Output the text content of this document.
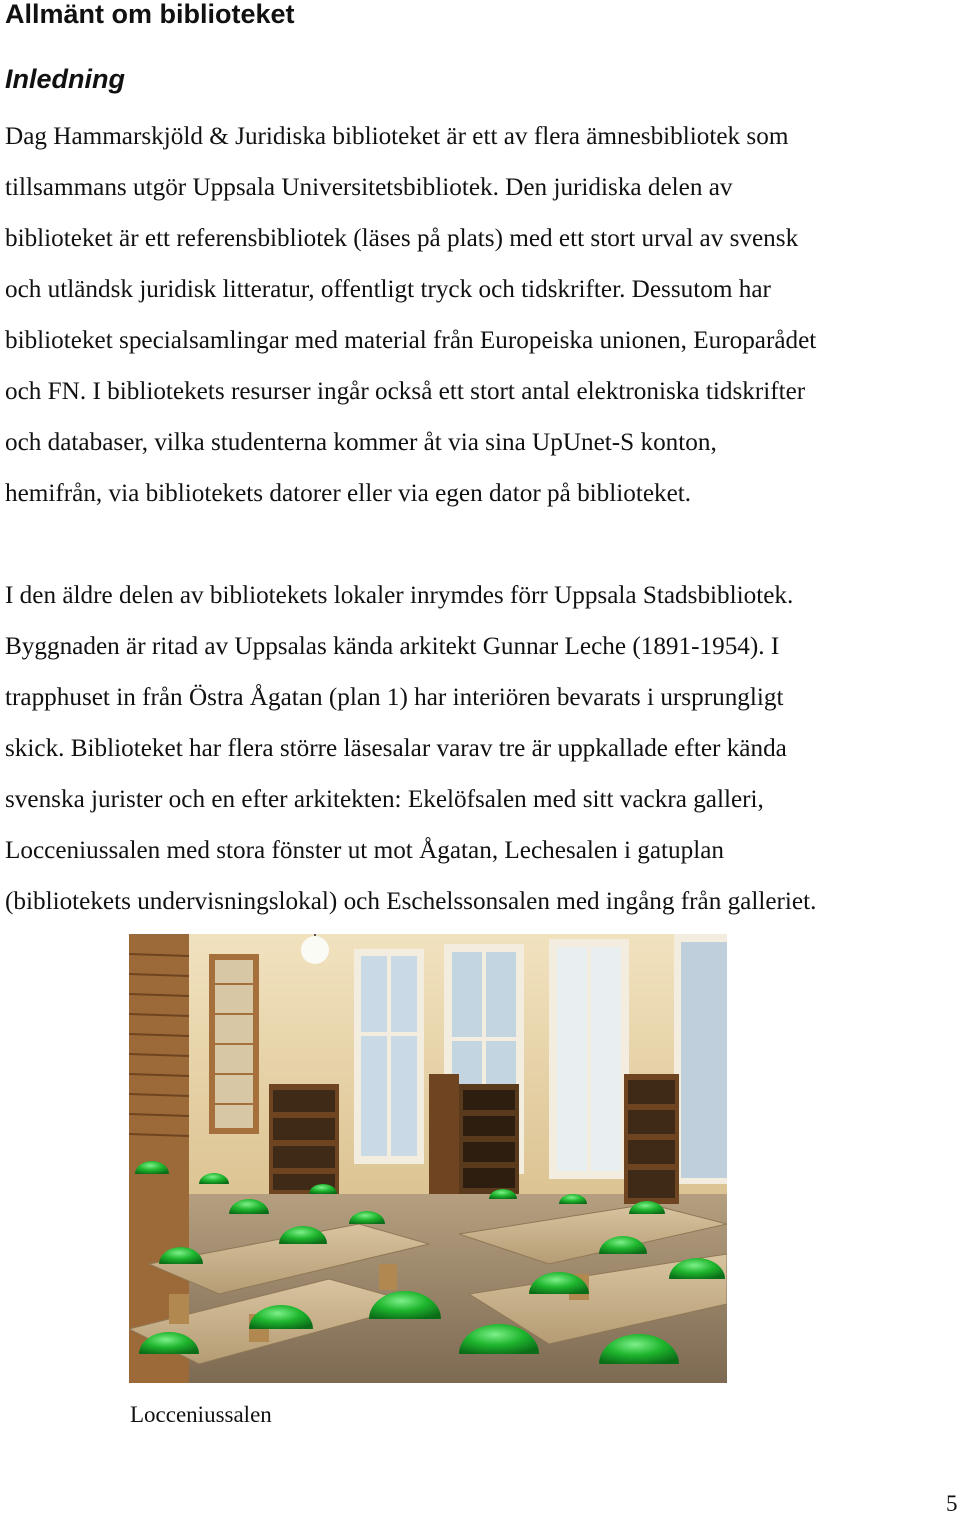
Allmänt om biblioteket
Inledning

Dag Hammarskjöld & Juridiska biblioteket är ett av flera ämnesbibliotek som
tillsammans utgör Uppsala Universitetsbibliotek. Den juridiska delen av
biblioteket är ett referensbibliotek (läses på plats) med ett stort urval av svensk
och utländsk juridisk litteratur, offentligt tryck och tidskrifter. Dessutom har
biblioteket specialsamlingar med material från Europeiska unionen, Europarådet
och FN. I bibliotekets resurser ingår också ett stort antal elektroniska tidskrifter
och databaser, vilka studenterna kommer åt via sina UpUnet-S konton,
hemifrån, via bibliotekets datorer eller via egen dator på biblioteket.

I den äldre delen av bibliotekets lokaler inrymdes förr Uppsala Stadsbibliotek.
Byggnaden är ritad av Uppsalas kända arkitekt Gunnar Leche (1891-1954). I
trapphuset in från Östra Ågatan (plan 1) har interiören bevarats i ursprungligt
skick. Biblioteket har flera större läsesalar varav tre är uppkallade efter kända
svenska jurister och en efter arkitekten: Ekelöfsalen med sitt vackra galleri,
Locceniussalen med stora fönster ut mot Ågatan, Lechesalen i gatuplan
(bibliotekets undervisningslokal) och Eschelssonsalen med ingång från galleriet.

Locceniussalen

5
